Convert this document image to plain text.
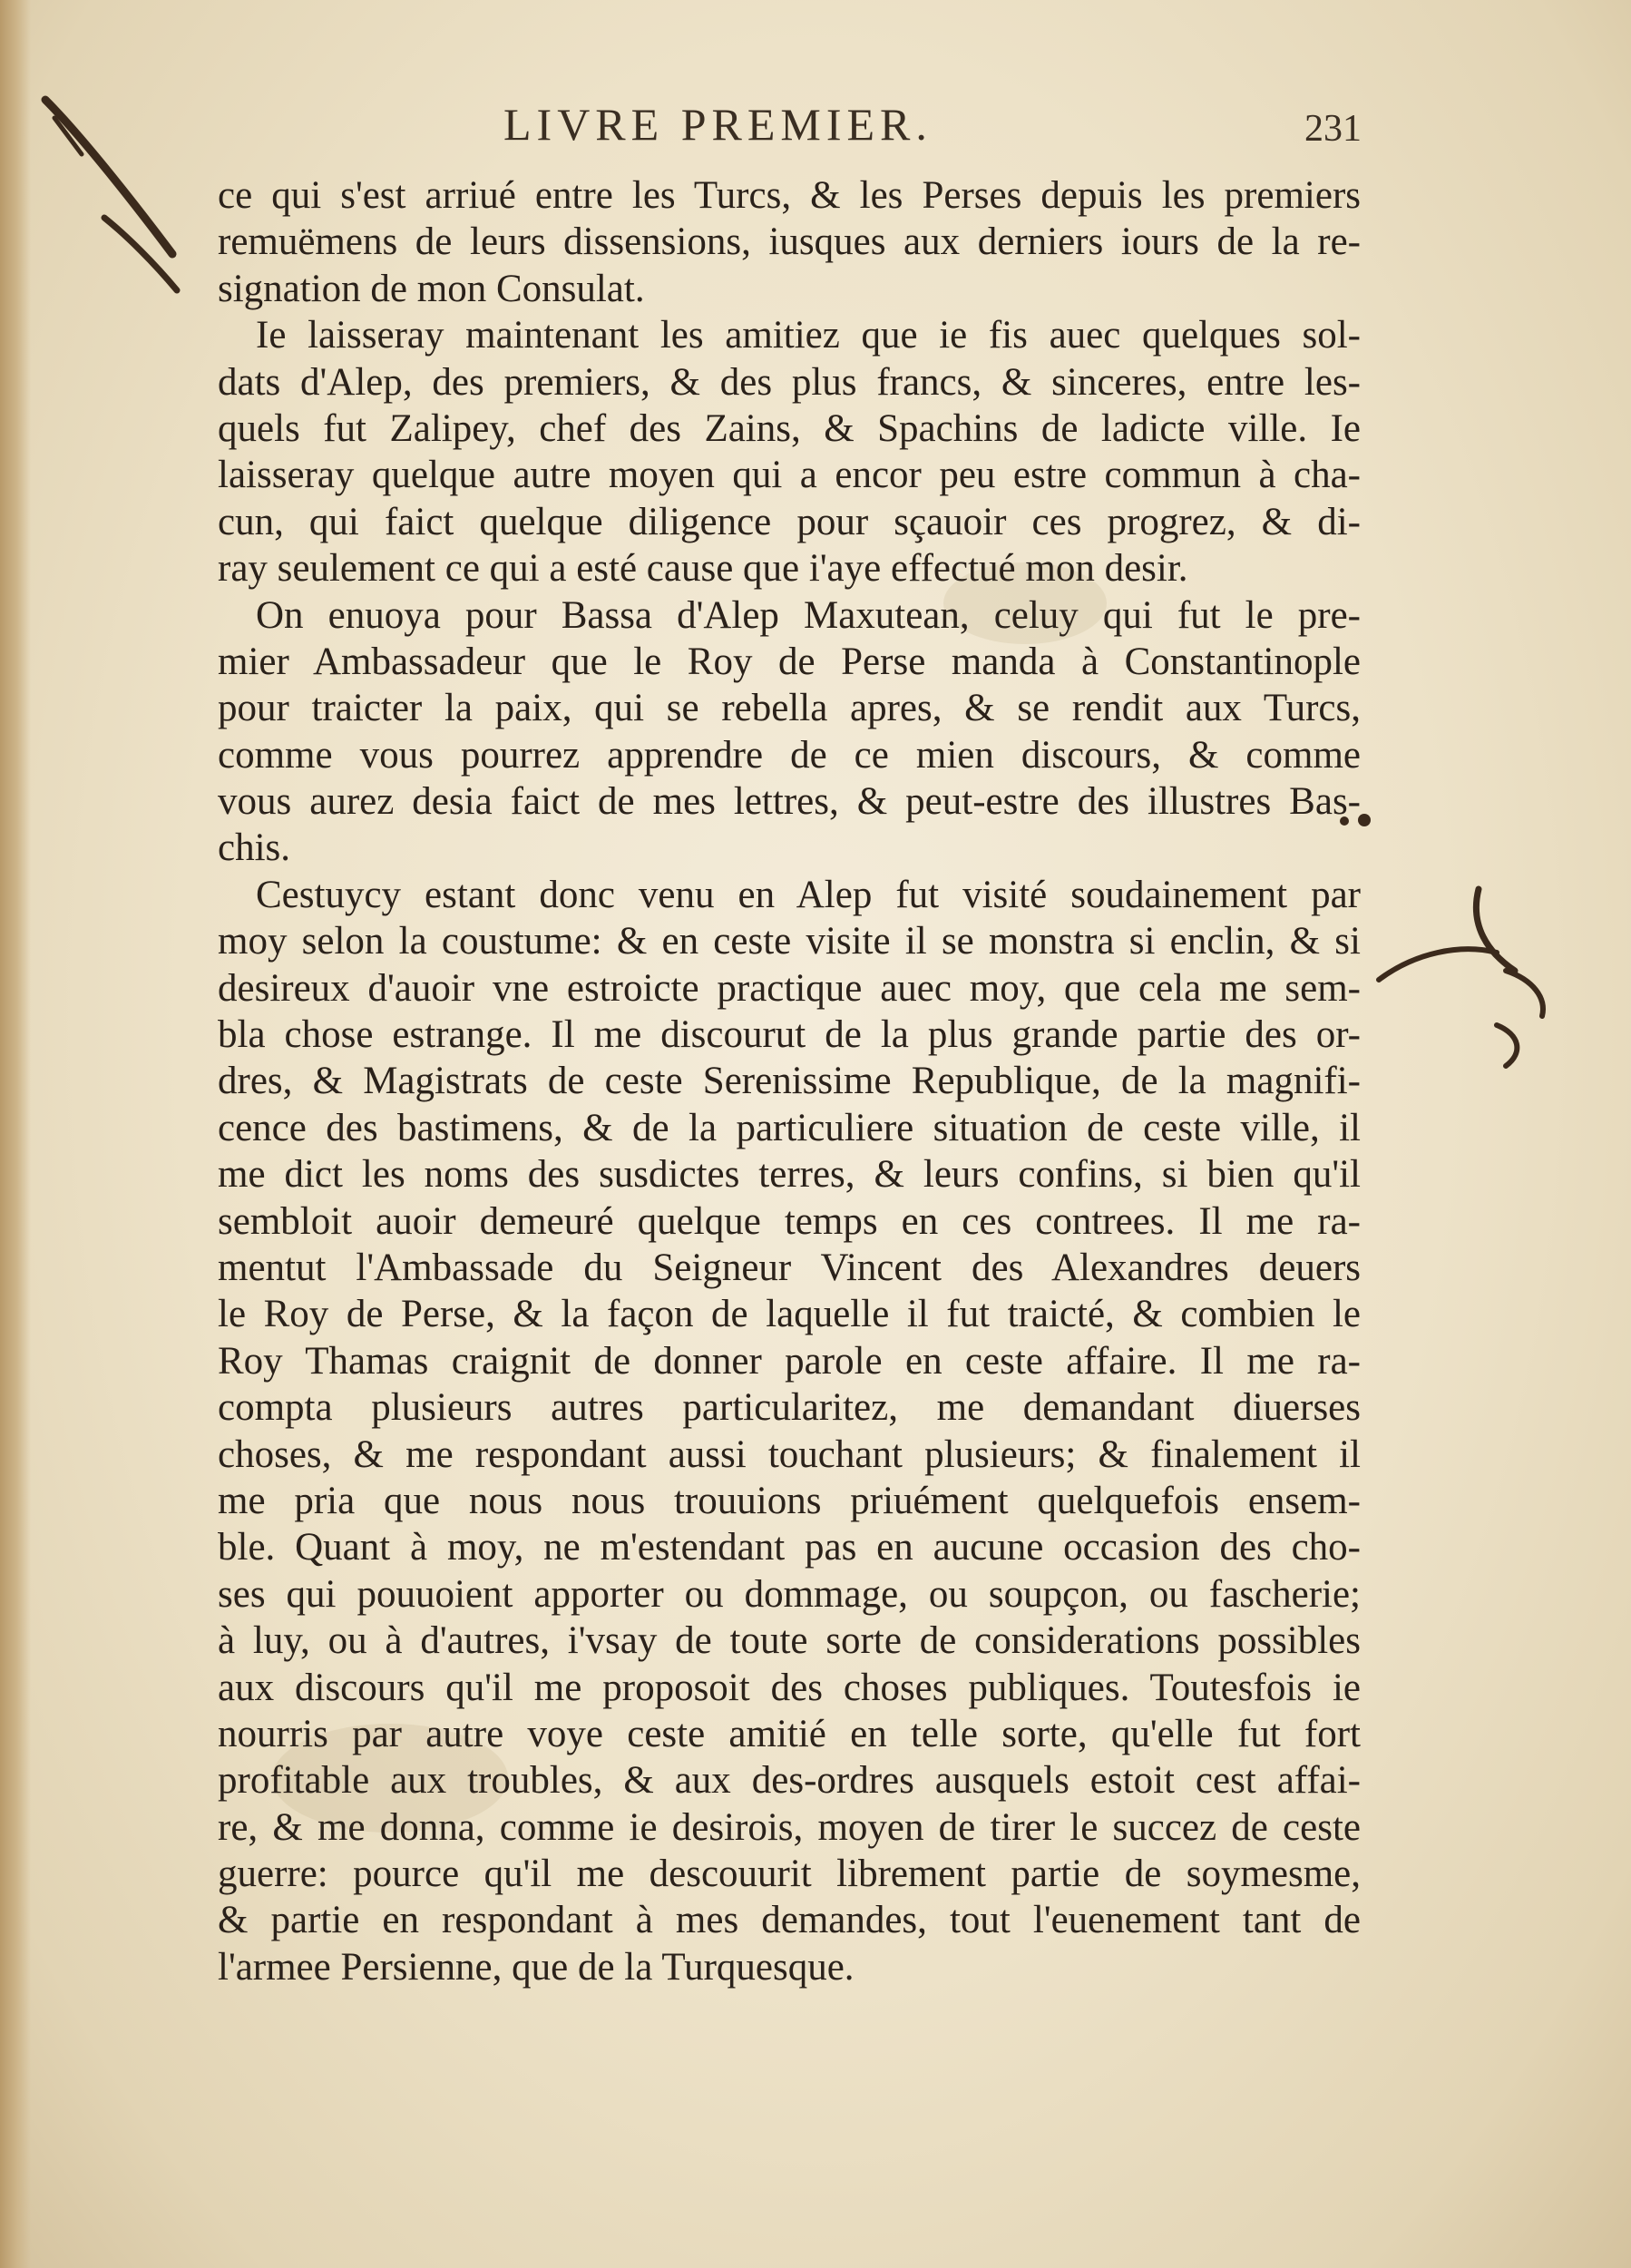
LIVRE PREMIER.	231
ce qui s'est arriué entre les Turcs, & les Perses depuis les premiers
remuëmens de leurs dissensions, iusques aux derniers iours de la re-
signation de mon Consulat.
Ie laisseray maintenant les amitiez que ie fis auec quelques sol-
dats d'Alep, des premiers, & des plus francs, & sinceres, entre les-
quels fut Zalipey, chef des Zains, & Spachins de ladicte ville. Ie
laisseray quelque autre moyen qui a encor peu estre commun à cha-
cun, qui faict quelque diligence pour sçauoir ces progrez, & di-
ray seulement ce qui a esté cause que i'aye effectué mon desir.
On enuoya pour Bassa d'Alep Maxutean, celuy qui fut le pre-
mier Ambassadeur que le Roy de Perse manda à Constantinople
pour traicter la paix, qui se rebella apres, & se rendit aux Turcs,
comme vous pourrez apprendre de ce mien discours, & comme
vous aurez desia faict de mes lettres, & peut-estre des illustres Bas-
chis.
Cestuycy estant donc venu en Alep fut visité soudainement par
moy selon la coustume: & en ceste visite il se monstra si enclin, & si
desireux d'auoir vne estroicte practique auec moy, que cela me sem-
bla chose estrange. Il me discourut de la plus grande partie des or-
dres, & Magistrats de ceste Serenissime Republique, de la magnifi-
cence des bastimens, & de la particuliere situation de ceste ville, il
me dict les noms des susdictes terres, & leurs confins, si bien qu'il
sembloit auoir demeuré quelque temps en ces contrees. Il me ra-
mentut l'Ambassade du Seigneur Vincent des Alexandres deuers
le Roy de Perse, & la façon de laquelle il fut traicté, & combien le
Roy Thamas craignit de donner parole en ceste affaire. Il me ra-
compta plusieurs autres particularitez, me demandant diuerses
choses, & me respondant aussi touchant plusieurs; & finalement il
me pria que nous nous trouuions priuément quelquefois ensem-
ble. Quant à moy, ne m'estendant pas en aucune occasion des cho-
ses qui pouuoient apporter ou dommage, ou soupçon, ou fascherie;
à luy, ou à d'autres, i'vsay de toute sorte de considerations possibles
aux discours qu'il me proposoit des choses publiques. Toutesfois ie
nourris par autre voye ceste amitié en telle sorte, qu'elle fut fort
profitable aux troubles, & aux des-ordres ausquels estoit cest affai-
re, & me donna, comme ie desirois, moyen de tirer le succez de ceste
guerre: pource qu'il me descouurit librement partie de soymesme,
& partie en respondant à mes demandes, tout l'euenement tant de
l'armee Persienne, que de la Turquesque.
